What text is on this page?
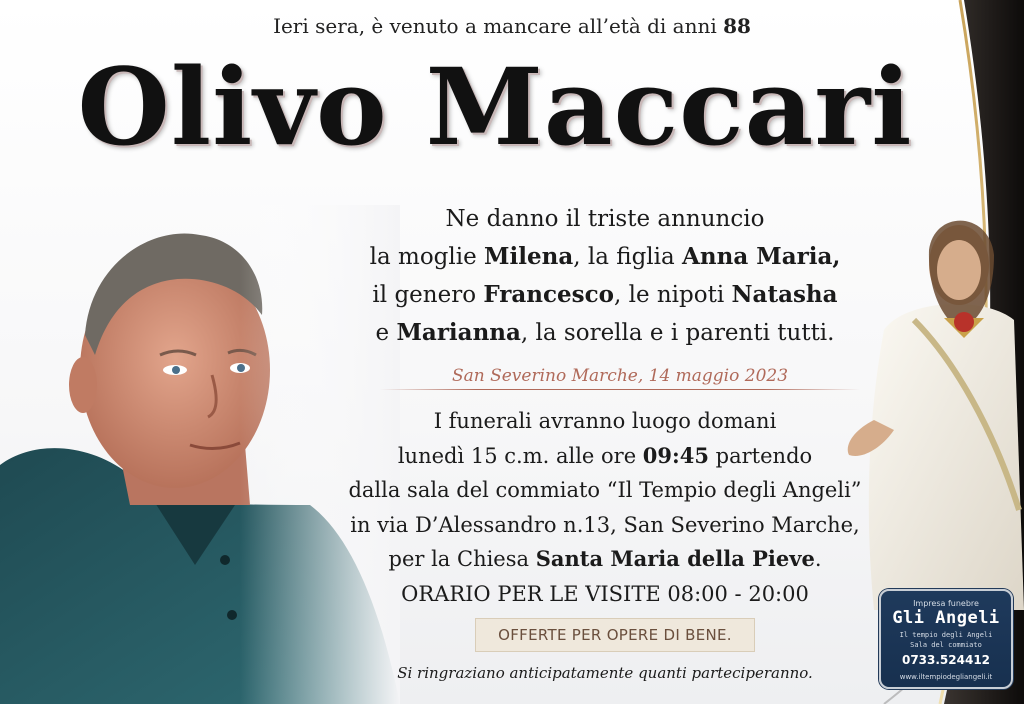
Ieri sera, è venuto a mancare all’età di anni 88
Olivo Maccari
Ne danno il triste annuncio
la moglie Milena, la figlia Anna Maria,
il genero Francesco, le nipoti Natasha
e Marianna, la sorella e i parenti tutti.
San Severino Marche, 14 maggio 2023
I funerali avranno luogo domani
lunedì 15 c.m. alle ore 09:45 partendo
dalla sala del commiato “Il Tempio degli Angeli”
in via D’Alessandro n.13, San Severino Marche,
per la Chiesa Santa Maria della Pieve.
ORARIO PER LE VISITE 08:00 - 20:00
OFFERTE PER OPERE DI BENE.
Si ringraziano anticipatamente quanti parteciperanno.
Impresa funebre
Gli Angeli
Il tempio degli Angeli
Sala del commiato
0733.524412
www.iltempiodegliangeli.it
